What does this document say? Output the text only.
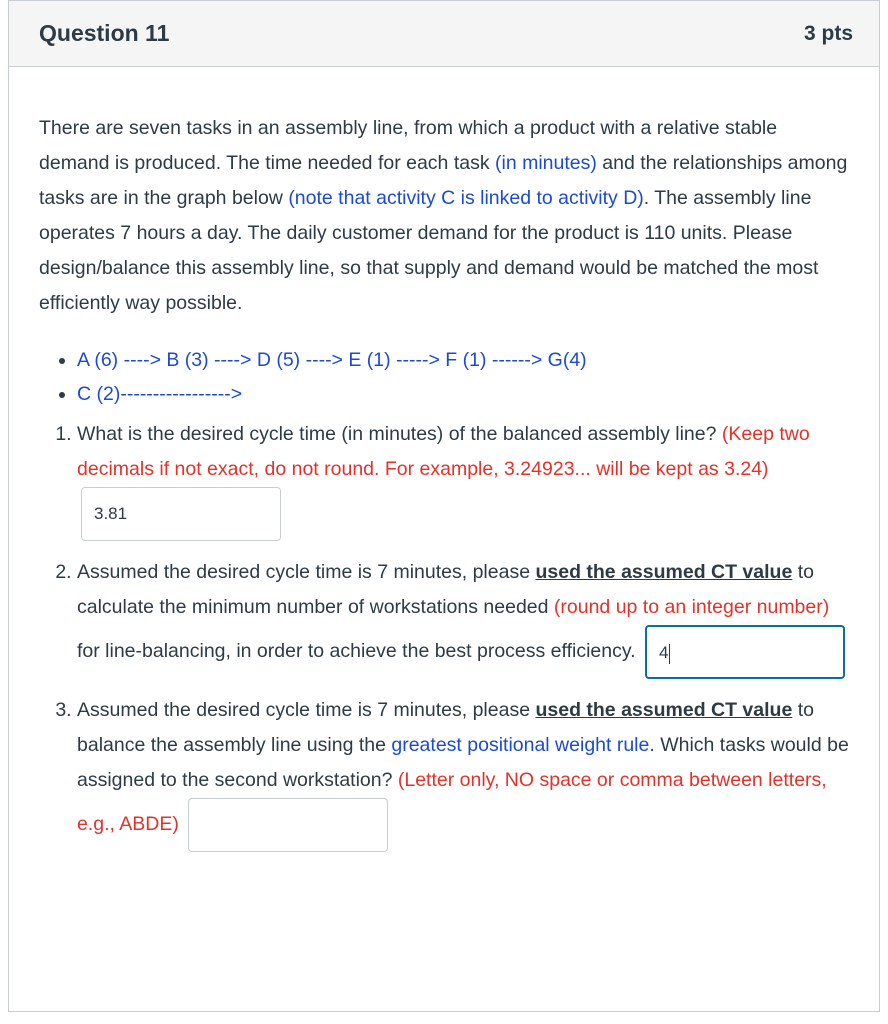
Question 11	3 pts

There are seven tasks in an assembly line, from which a product with a relative stable demand is produced. The time needed for each task (in minutes) and the relationships among tasks are in the graph below (note that activity C is linked to activity D). The assembly line operates 7 hours a day. The daily customer demand for the product is 110 units. Please design/balance this assembly line, so that supply and demand would be matched the most efficiently way possible.

• A (6) ----> B (3) ----> D (5) ----> E (1) -----> F (1) ------> G(4)
• C (2)----------------->
1. What is the desired cycle time (in minutes) of the balanced assembly line? (Keep two decimals if not exact, do not round. For example, 3.24923... will be kept as 3.24) 3.81
2. Assumed the desired cycle time is 7 minutes, please used the assumed CT value to calculate the minimum number of workstations needed (round up to an integer number) for line-balancing, in order to achieve the best process efficiency. 4
3. Assumed the desired cycle time is 7 minutes, please used the assumed CT value to balance the assembly line using the greatest positional weight rule. Which tasks would be assigned to the second workstation? (Letter only, NO space or comma between letters, e.g., ABDE)
